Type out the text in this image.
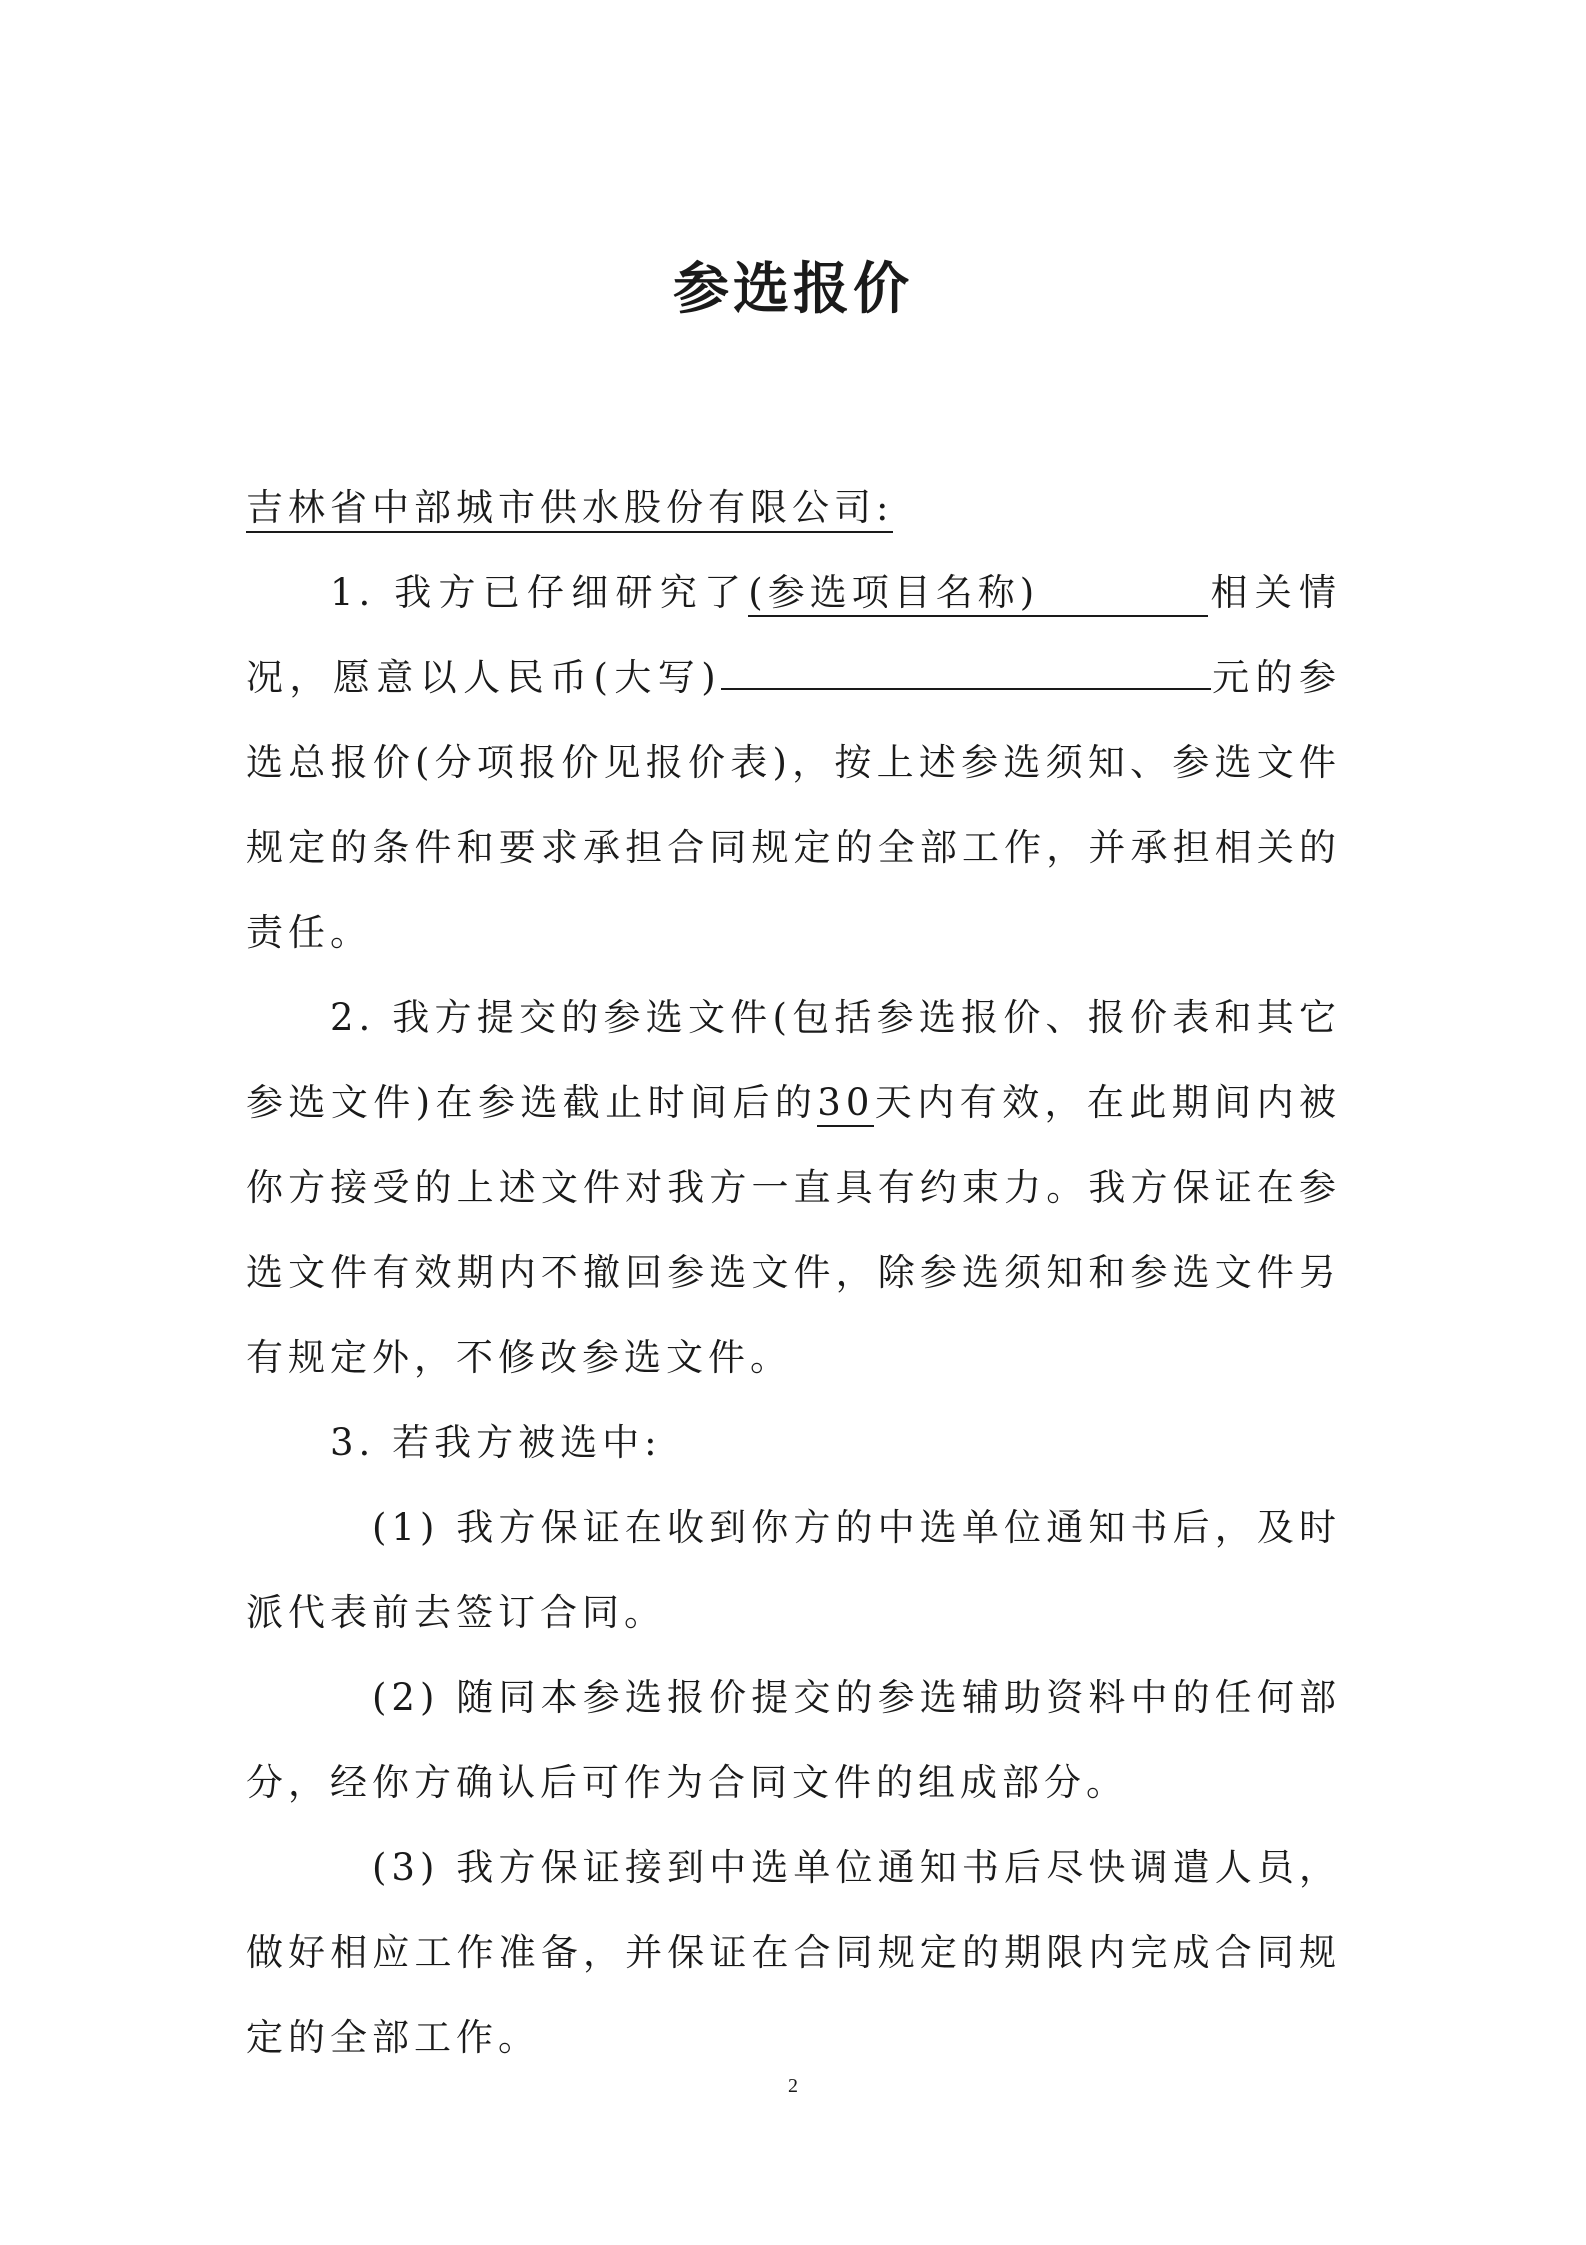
参选报价

吉林省中部城市供水股份有限公司:

1. 我方已仔细研究了(参选项目名称)	相关情况，愿意以人民币(大写)	元的参选总报价(分项报价见报价表)，按上述参选须知、参选文件规定的条件和要求承担合同规定的全部工作，并承担相关的责任。

2. 我方提交的参选文件(包括参选报价、报价表和其它参选文件)在参选截止时间后的30天内有效，在此期间内被你方接受的上述文件对我方一直具有约束力。我方保证在参选文件有效期内不撤回参选文件，除参选须知和参选文件另有规定外，不修改参选文件。

3. 若我方被选中:

(1) 我方保证在收到你方的中选单位通知书后，及时派代表前去签订合同。

(2) 随同本参选报价提交的参选辅助资料中的任何部分，经你方确认后可作为合同文件的组成部分。

(3) 我方保证接到中选单位通知书后尽快调遣人员，做好相应工作准备，并保证在合同规定的期限内完成合同规定的全部工作。

2
